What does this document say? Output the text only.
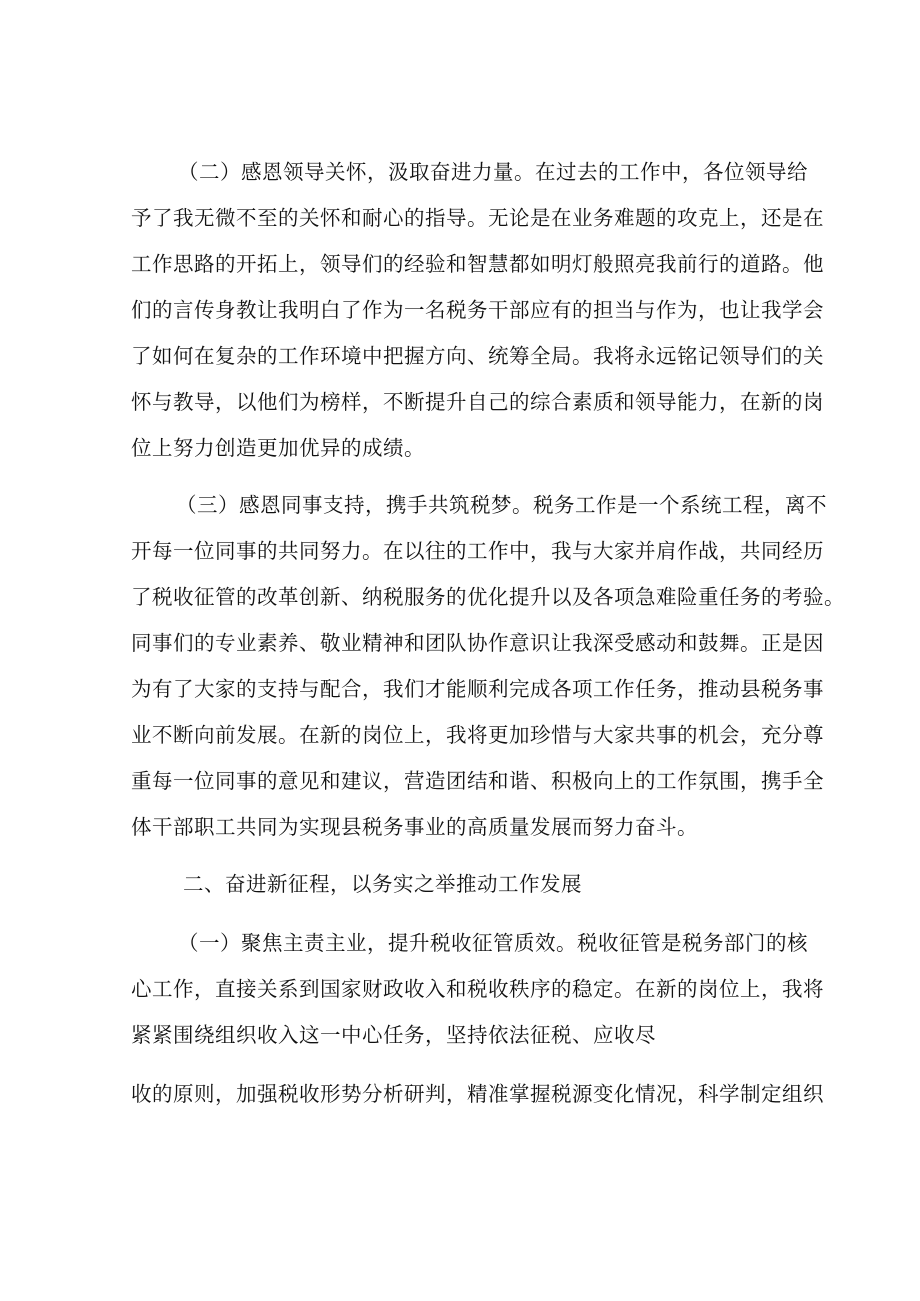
（二）感恩领导关怀，汲取奋进力量。在过去的工作中，各位领导给
予了我无微不至的关怀和耐心的指导。无论是在业务难题的攻克上，还是在
工作思路的开拓上，领导们的经验和智慧都如明灯般照亮我前行的道路。他
们的言传身教让我明白了作为一名税务干部应有的担当与作为，也让我学会
了如何在复杂的工作环境中把握方向、统筹全局。我将永远铭记领导们的关
怀与教导，以他们为榜样，不断提升自己的综合素质和领导能力，在新的岗
位上努力创造更加优异的成绩。
（三）感恩同事支持，携手共筑税梦。税务工作是一个系统工程，离不
开每一位同事的共同努力。在以往的工作中，我与大家并肩作战，共同经历
了税收征管的改革创新、纳税服务的优化提升以及各项急难险重任务的考验。
同事们的专业素养、敬业精神和团队协作意识让我深受感动和鼓舞。正是因
为有了大家的支持与配合，我们才能顺利完成各项工作任务，推动县税务事
业不断向前发展。在新的岗位上，我将更加珍惜与大家共事的机会，充分尊
重每一位同事的意见和建议，营造团结和谐、积极向上的工作氛围，携手全
体干部职工共同为实现县税务事业的高质量发展而努力奋斗。
二、奋进新征程，以务实之举推动工作发展
（一）聚焦主责主业，提升税收征管质效。税收征管是税务部门的核
心工作，直接关系到国家财政收入和税收秩序的稳定。在新的岗位上，我将
紧紧围绕组织收入这一中心任务，坚持依法征税、应收尽
收的原则，加强税收形势分析研判，精准掌握税源变化情况，科学制定组织
